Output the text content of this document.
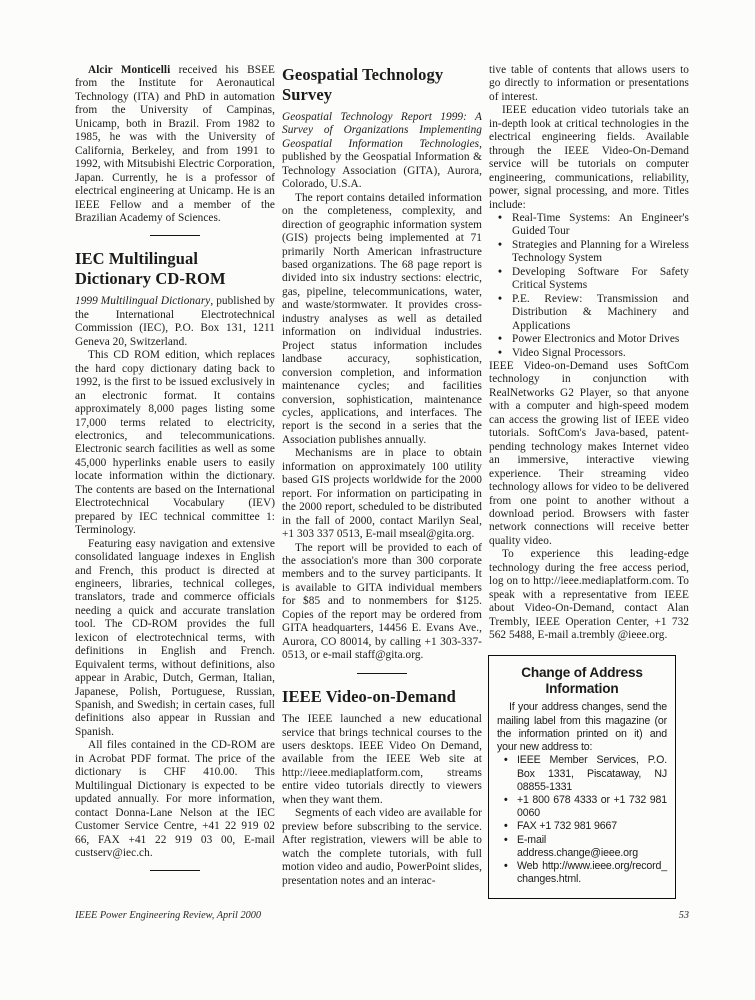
Alcir Monticelli received his BSEE from the Institute for Aeronautical Technology (ITA) and PhD in automation from the University of Campinas, Unicamp, both in Brazil. From 1982 to 1985, he was with the University of California, Berkeley, and from 1991 to 1992, with Mitsubishi Electric Corporation, Japan. Currently, he is a professor of electrical engineering at Unicamp. He is an IEEE Fellow and a member of the Brazilian Academy of Sciences.

IEC Multilingual Dictionary CD-ROM

1999 Multilingual Dictionary, published by the International Electrotechnical Commission (IEC), P.O. Box 131, 1211 Geneva 20, Switzerland.

This CD ROM edition, which replaces the hard copy dictionary dating back to 1992, is the first to be issued exclusively in an electronic format. It contains approximately 8,000 pages listing some 17,000 terms related to electricity, electronics, and telecommunications. Electronic search facilities as well as some 45,000 hyperlinks enable users to easily locate information within the dictionary. The contents are based on the International Electrotechnical Vocabulary (IEV) prepared by IEC technical committee 1: Terminology.

Featuring easy navigation and extensive consolidated language indexes in English and French, this product is directed at engineers, libraries, technical colleges, translators, trade and commerce officials needing a quick and accurate translation tool. The CD-ROM provides the full lexicon of electrotechnical terms, with definitions in English and French. Equivalent terms, without definitions, also appear in Arabic, Dutch, German, Italian, Japanese, Polish, Portuguese, Russian, Spanish, and Swedish; in certain cases, full definitions also appear in Russian and Spanish.

All files contained in the CD-ROM are in Acrobat PDF format. The price of the dictionary is CHF 410.00. This Multilingual Dictionary is expected to be updated annually. For more information, contact Donna-Lane Nelson at the IEC Customer Service Centre, +41 22 919 02 66, FAX +41 22 919 03 00, E-mail custserv@iec.ch.

Geospatial Technology Survey

Geospatial Technology Report 1999: A Survey of Organizations Implementing Geospatial Information Technologies, published by the Geospatial Information & Technology Association (GITA), Aurora, Colorado, U.S.A.

The report contains detailed information on the completeness, complexity, and direction of geographic information system (GIS) projects being implemented at 71 primarily North American infrastructure based organizations. The 68 page report is divided into six industry sections: electric, gas, pipeline, telecommunications, water, and waste/stormwater. It provides cross-industry analyses as well as detailed information on individual industries. Project status information includes landbase accuracy, sophistication, conversion completion, and information maintenance cycles; and facilities conversion, sophistication, maintenance cycles, applications, and interfaces. The report is the second in a series that the Association publishes annually.

Mechanisms are in place to obtain information on approximately 100 utility based GIS projects worldwide for the 2000 report. For information on participating in the 2000 report, scheduled to be distributed in the fall of 2000, contact Marilyn Seal, +1 303 337 0513, E-mail mseal@gita.org.

The report will be provided to each of the association's more than 300 corporate members and to the survey participants. It is available to GITA individual members for $85 and to nonmembers for $125. Copies of the report may be ordered from GITA headquarters, 14456 E. Evans Ave., Aurora, CO 80014, by calling +1 303-337-0513, or e-mail staff@gita.org.

IEEE Video-on-Demand

The IEEE launched a new educational service that brings technical courses to the users desktops. IEEE Video On Demand, available from the IEEE Web site at http://ieee.mediaplatform.com, streams entire video tutorials directly to viewers when they want them.

Segments of each video are available for preview before subscribing to the service. After registration, viewers will be able to watch the complete tutorials, with full motion video and audio, PowerPoint slides, presentation notes and an interac-

tive table of contents that allows users to go directly to information or presentations of interest.

IEEE education video tutorials take an in-depth look at critical technologies in the electrical engineering fields. Available through the IEEE Video-On-Demand service will be tutorials on computer engineering, communications, reliability, power, signal processing, and more. Titles include:

• Real-Time Systems: An Engineer's Guided Tour
• Strategies and Planning for a Wireless Technology System
• Developing Software For Safety Critical Systems
• P.E. Review: Transmission and Distribution & Machinery and Applications
• Power Electronics and Motor Drives
• Video Signal Processors.

IEEE Video-on-Demand uses SoftCom technology in conjunction with RealNetworks G2 Player, so that anyone with a computer and high-speed modem can access the growing list of IEEE video tutorials. SoftCom's Java-based, patent-pending technology makes Internet video an immersive, interactive viewing experience. Their streaming video technology allows for video to be delivered from one point to another without a download period. Browsers with faster network connections will receive better quality video.

To experience this leading-edge technology during the free access period, log on to http://ieee.mediaplatform.com. To speak with a representative from IEEE about Video-On-Demand, contact Alan Trembly, IEEE Operation Center, +1 732 562 5488, E-mail a.trembly @ieee.org.

Change of Address
Information

If your address changes, send the mailing label from this magazine (or the information printed on it) and your new address to:

• IEEE Member Services, P.O. Box 1331, Piscataway, NJ 08855-1331
• +1 800 678 4333 or +1 732 981 0060
• FAX +1 732 981 9667
• E-mail address.change@ieee.org
• Web http://www.ieee.org/record_ changes.html.
IEEE Power Engineering Review, April 2000	53
